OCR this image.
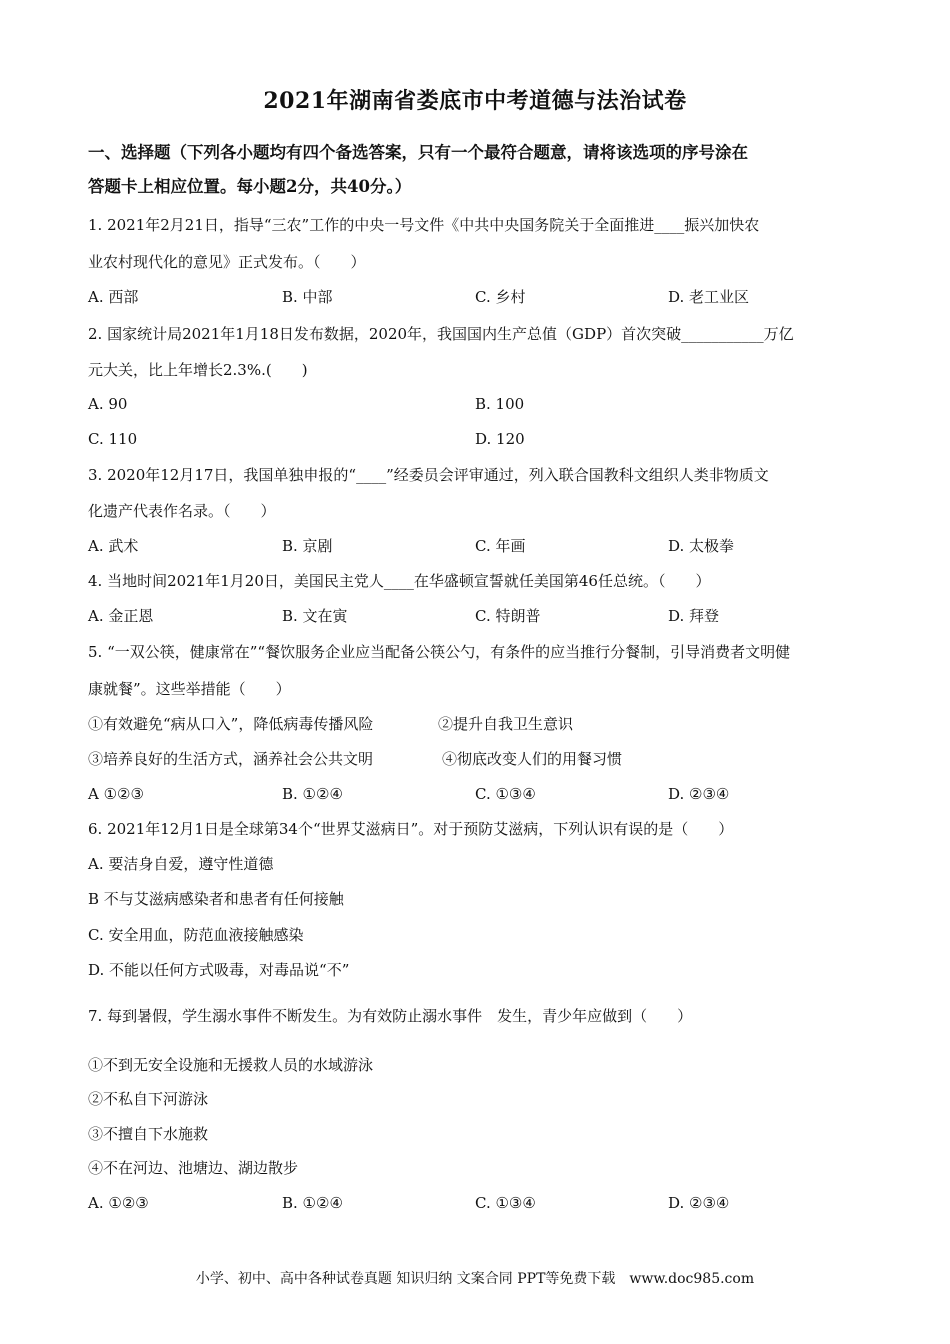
2021年湖南省娄底市中考道德与法治试卷
一、选择题（下列各小题均有四个备选答案，只有一个最符合题意，请将该选项的序号涂在
答题卡上相应位置。每小题2分，共40分。）
1. 2021年2月21日，指导“三农”工作的中央一号文件《中共中央国务院关于全面推进____振兴加快农
业农村现代化的意见》正式发布。（　　）
A. 西部	B. 中部	C. 乡村	D. 老工业区
2. 国家统计局2021年1月18日发布数据，2020年，我国国内生产总值（GDP）首次突破___________万亿
元大关，比上年增长2.3%.(　　)
A. 90	B. 100
C. 110	D. 120
3. 2020年12月17日，我国单独申报的“____”经委员会评审通过，列入联合国教科文组织人类非物质文
化遗产代表作名录。（　　）
A. 武术	B. 京剧	C. 年画	D. 太极拳
4. 当地时间2021年1月20日，美国民主党人____在华盛顿宣誓就任美国第46任总统。（　　）
A. 金正恩	B. 文在寅	C. 特朗普	D. 拜登
5. “一双公筷，健康常在”“餐饮服务企业应当配备公筷公勺，有条件的应当推行分餐制，引导消费者文明健
康就餐”。这些举措能（　　）
①有效避免“病从口入”，降低病毒传播风险	②提升自我卫生意识
③培养良好的生活方式，涵养社会公共文明	④彻底改变人们的用餐习惯
A ①②③	B. ①②④	C. ①③④	D. ②③④
6. 2021年12月1日是全球第34个“世界艾滋病日”。对于预防艾滋病，下列认识有误的是（　　）
A. 要洁身自爱，遵守性道德
B 不与艾滋病感染者和患者有任何接触
C. 安全用血，防范血液接触感染
D. 不能以任何方式吸毒，对毒品说“不”
7. 每到暑假，学生溺水事件不断发生。为有效防止溺水事件　发生，青少年应做到（　　）
①不到无安全设施和无援救人员的水域游泳
②不私自下河游泳
③不擅自下水施救
④不在河边、池塘边、湖边散步
A. ①②③	B. ①②④	C. ①③④	D. ②③④
小学、初中、高中各种试卷真题 知识归纳 文案合同 PPT等免费下载　www.doc985.com
